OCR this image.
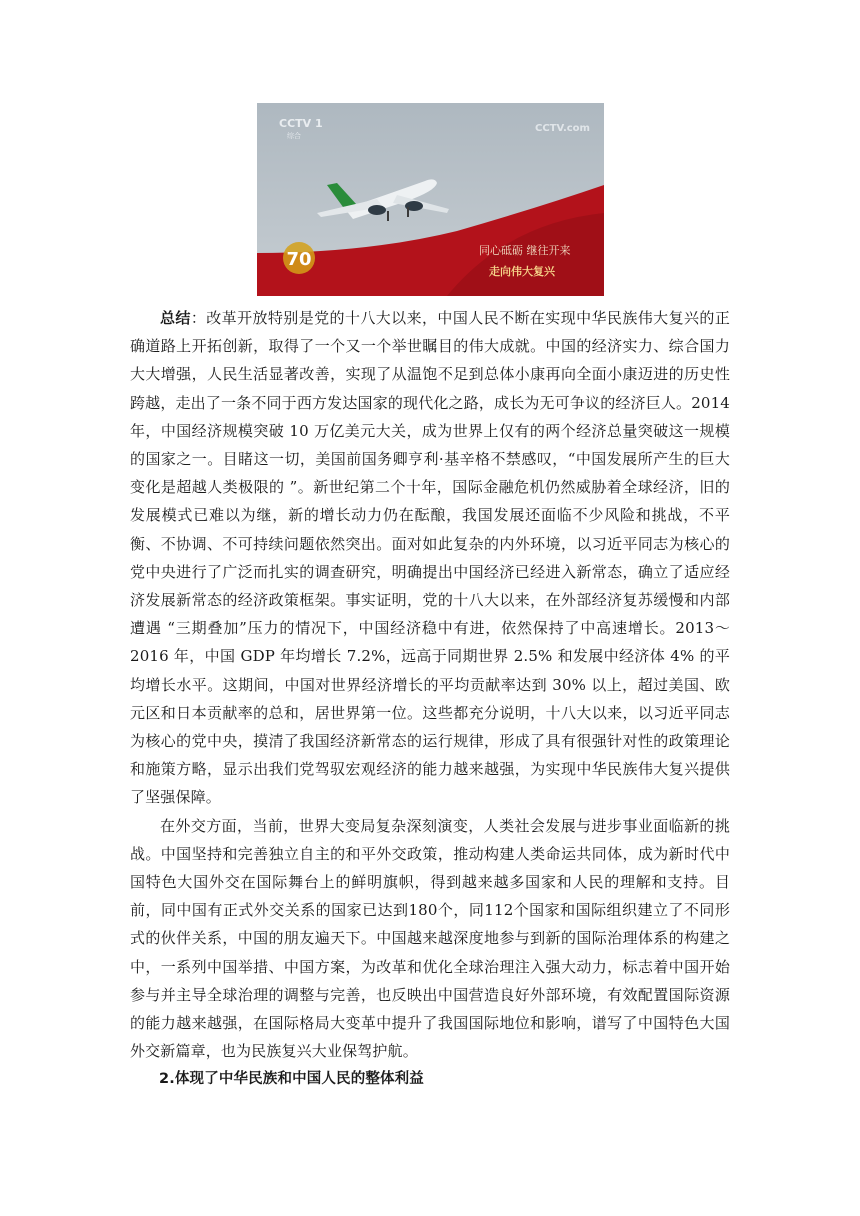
70
CCTV 1
综合
CCTV.com
同心砥砺 继往开来
走向伟大复兴

总结：改革开放特别是党的十八大以来，中国人民不断在实现中华民族伟大复兴的正确道路上开拓创新，取得了一个又一个举世瞩目的伟大成就。中国的经济实力、综合国力大大增强，人民生活显著改善，实现了从温饱不足到总体小康再向全面小康迈进的历史性跨越，走出了一条不同于西方发达国家的现代化之路，成长为无可争议的经济巨人。2014 年，中国经济规模突破 10 万亿美元大关，成为世界上仅有的两个经济总量突破这一规模的国家之一。目睹这一切，美国前国务卿亨利·基辛格不禁感叹，“中国发展所产生的巨大变化是超越人类极限的 ”。新世纪第二个十年，国际金融危机仍然威胁着全球经济，旧的发展模式已难以为继，新的增长动力仍在酝酿，我国发展还面临不少风险和挑战，不平衡、不协调、不可持续问题依然突出。面对如此复杂的内外环境，以习近平同志为核心的党中央进行了广泛而扎实的调查研究，明确提出中国经济已经进入新常态，确立了适应经济发展新常态的经济政策框架。事实证明，党的十八大以来，在外部经济复苏缓慢和内部遭遇 “三期叠加”压力的情况下，中国经济稳中有进，依然保持了中高速增长。2013～2016 年，中国 GDP 年均增长 7.2%，远高于同期世界 2.5% 和发展中经济体 4% 的平均增长水平。这期间，中国对世界经济增长的平均贡献率达到 30% 以上，超过美国、欧元区和日本贡献率的总和，居世界第一位。这些都充分说明，十八大以来，以习近平同志为核心的党中央，摸清了我国经济新常态的运行规律，形成了具有很强针对性的政策理论和施策方略，显示出我们党驾驭宏观经济的能力越来越强，为实现中华民族伟大复兴提供了坚强保障。

在外交方面，当前，世界大变局复杂深刻演变，人类社会发展与进步事业面临新的挑战。中国坚持和完善独立自主的和平外交政策，推动构建人类命运共同体，成为新时代中国特色大国外交在国际舞台上的鲜明旗帜，得到越来越多国家和人民的理解和支持。目前，同中国有正式外交关系的国家已达到180个，同112个国家和国际组织建立了不同形式的伙伴关系，中国的朋友遍天下。中国越来越深度地参与到新的国际治理体系的构建之中，一系列中国举措、中国方案，为改革和优化全球治理注入强大动力，标志着中国开始参与并主导全球治理的调整与完善，也反映出中国营造良好外部环境，有效配置国际资源的能力越来越强，在国际格局大变革中提升了我国国际地位和影响，谱写了中国特色大国外交新篇章，也为民族复兴大业保驾护航。

2.体现了中华民族和中国人民的整体利益
